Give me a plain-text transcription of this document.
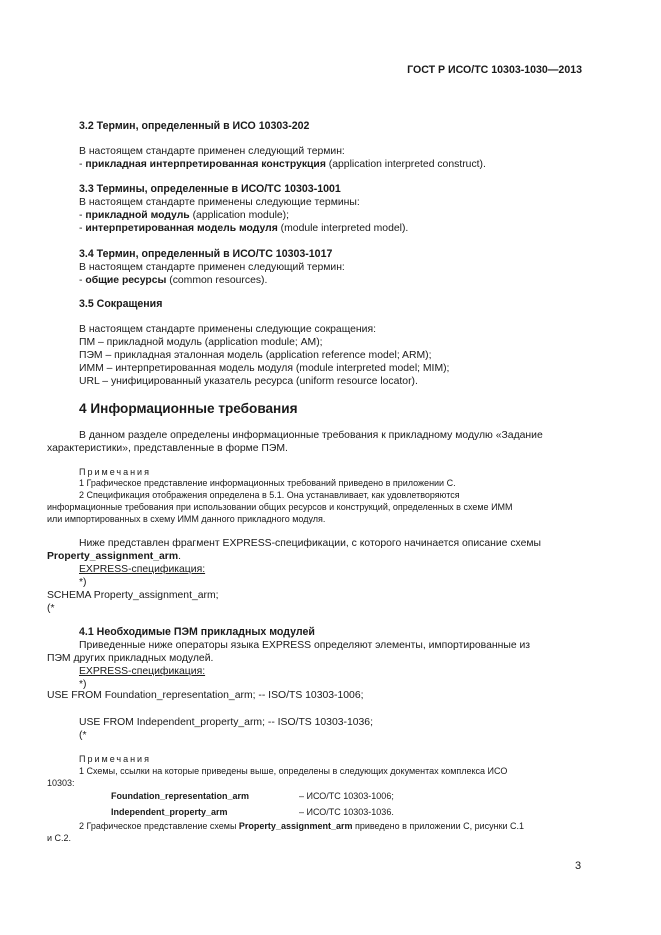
ГОСТ Р ИСО/ТС 10303-1030—2013
3.2 Термин, определенный в ИСО 10303-202
В настоящем стандарте применен следующий термин:
- прикладная интерпретированная конструкция (application interpreted construct).
3.3 Термины, определенные в ИСО/ТС 10303-1001
В настоящем стандарте применены следующие термины:
- прикладной модуль (application module);
- интерпретированная модель модуля (module interpreted model).
3.4 Термин, определенный в ИСО/ТС 10303-1017
В настоящем стандарте применен следующий термин:
- общие ресурсы (common resources).
3.5 Сокращения
В настоящем стандарте применены следующие сокращения:
ПМ – прикладной модуль (application module; АМ);
ПЭМ – прикладная эталонная модель (application reference model; ARM);
ИММ – интерпретированная модель модуля (module interpreted model; MIM);
URL – унифицированный указатель ресурса (uniform resource locator).
4 Информационные требования
В данном разделе определены информационные требования к прикладному модулю «Задание
характеристики», представленные в форме ПЭМ.
Примечания
1 Графическое представление информационных требований приведено в приложении С.
2 Спецификация отображения определена в 5.1. Она устанавливает, как удовлетворяются
информационные требования при использовании общих ресурсов и конструкций, определенных в схеме ИММ
или импортированных в схему ИММ данного прикладного модуля.
Ниже представлен фрагмент EXPRESS-спецификации, с которого начинается описание схемы
Property_assignment_arm.
EXPRESS-спецификация:
*)
SCHEMA Property_assignment_arm;
(*
4.1 Необходимые ПЭМ прикладных модулей
Приведенные ниже операторы языка EXPRESS определяют элементы, импортированные из
ПЭМ других прикладных модулей.
EXPRESS-спецификация:
*)
USE FROM Foundation_representation_arm; -- ISO/TS 10303-1006;
USE FROM Independent_property_arm; -- ISO/TS 10303-1036;
(*
Примечания
1 Схемы, ссылки на которые приведены выше, определены в следующих документах комплекса ИСО
10303:
Foundation_representation_arm	– ИСО/ТС 10303-1006;
Independent_property_arm	– ИСО/ТС 10303-1036.
2 Графическое представление схемы Property_assignment_arm приведено в приложении С, рисунки С.1
и С.2.
3
